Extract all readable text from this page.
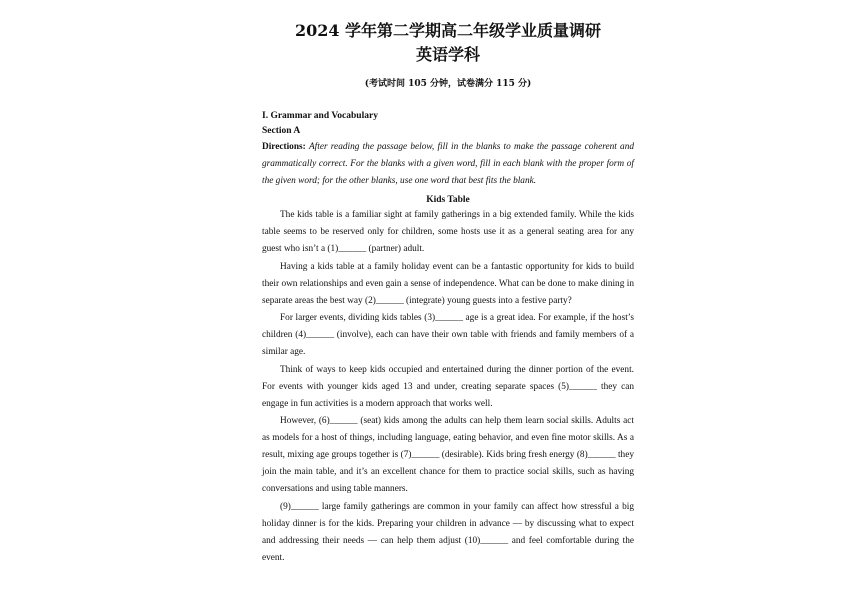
2024 学年第二学期高二年级学业质量调研
英语学科
(考试时间 105 分钟，试卷满分 115 分)
I. Grammar and Vocabulary
Section A
Directions: After reading the passage below, fill in the blanks to make the passage coherent and grammatically correct. For the blanks with a given word, fill in each blank with the proper form of the given word; for the other blanks, use one word that best fits the blank.
Kids Table

The kids table is a familiar sight at family gatherings in a big extended family. While the kids table seems to be reserved only for children, some hosts use it as a general seating area for any guest who isn’t a (1)______ (partner) adult.

Having a kids table at a family holiday event can be a fantastic opportunity for kids to build their own relationships and even gain a sense of independence. What can be done to make dining in separate areas the best way (2)______ (integrate) young guests into a festive party?

For larger events, dividing kids tables (3)______ age is a great idea. For example, if the host’s children (4)______ (involve), each can have their own table with friends and family members of a similar age.

Think of ways to keep kids occupied and entertained during the dinner portion of the event. For events with younger kids aged 13 and under, creating separate spaces (5)______ they can engage in fun activities is a modern approach that works well.

However, (6)______ (seat) kids among the adults can help them learn social skills. Adults act as models for a host of things, including language, eating behavior, and even fine motor skills. As a result, mixing age groups together is (7)______ (desirable). Kids bring fresh energy (8)______ they join the main table, and it’s an excellent chance for them to practice social skills, such as having conversations and using table manners.

(9)______ large family gatherings are common in your family can affect how stressful a big holiday dinner is for the kids. Preparing your children in advance — by discussing what to expect and addressing their needs — can help them adjust (10)______ and feel comfortable during the event.
